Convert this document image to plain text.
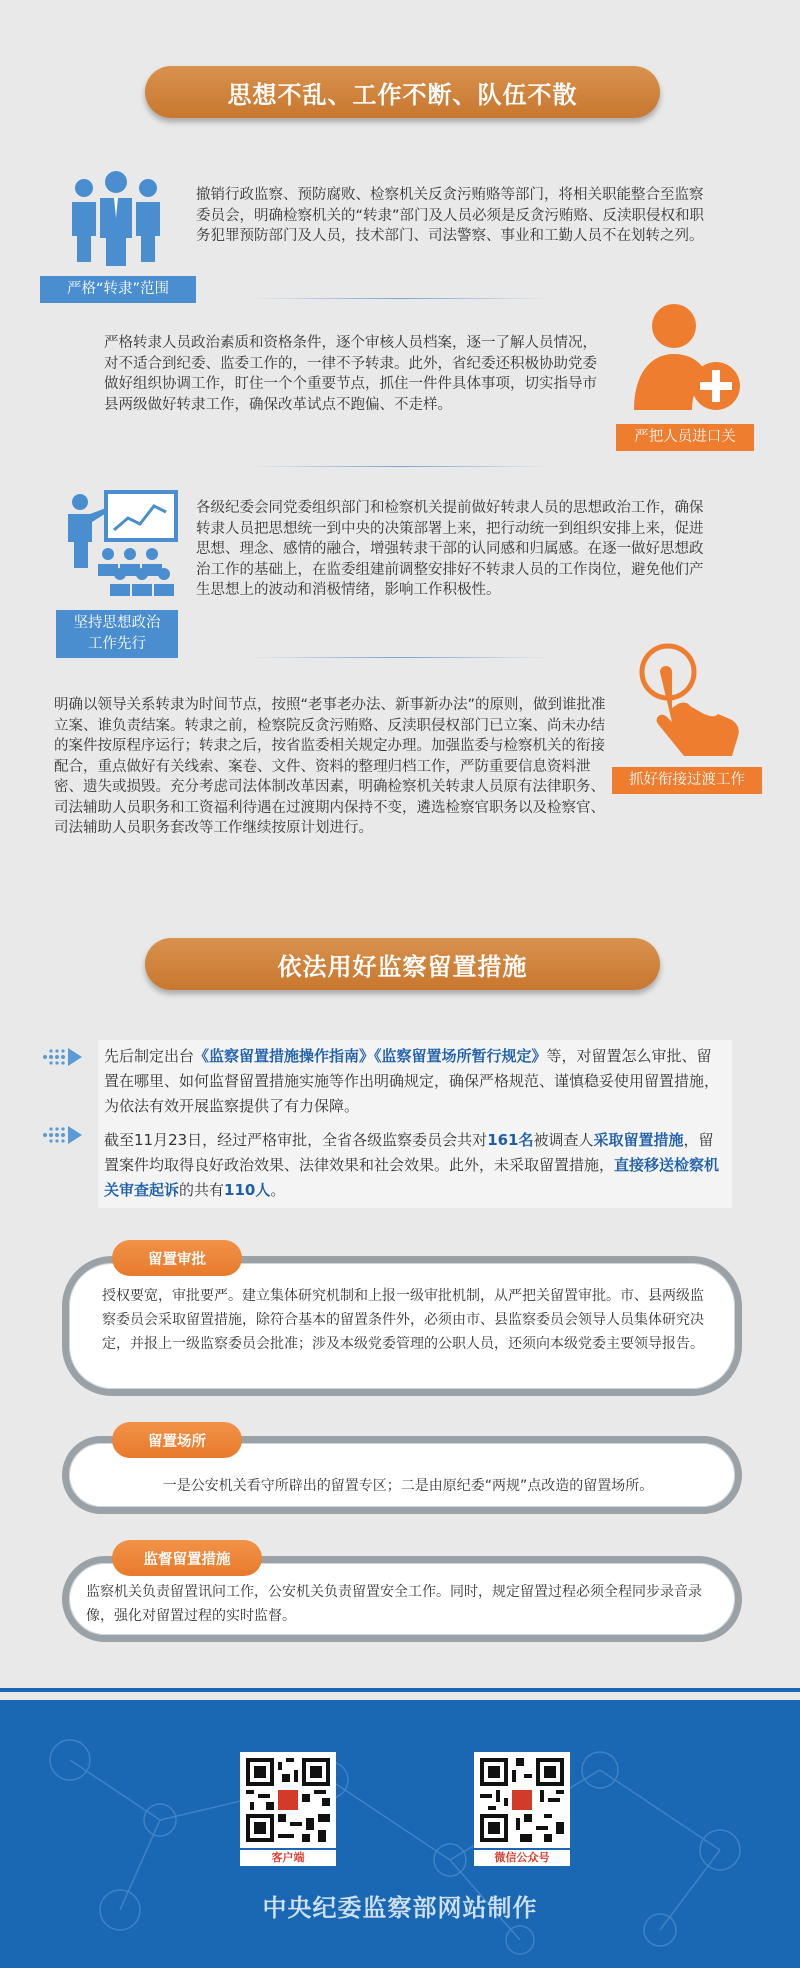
思想不乱、工作不断、队伍不散
严格“转隶”范围
撤销行政监察、预防腐败、检察机关反贪污贿赂等部门，将相关职能整合至监察委员会，明确检察机关的“转隶”部门及人员必须是反贪污贿赂、反渎职侵权和职务犯罪预防部门及人员，技术部门、司法警察、事业和工勤人员不在划转之列。
严格转隶人员政治素质和资格条件，逐个审核人员档案，逐一了解人员情况，对不适合到纪委、监委工作的，一律不予转隶。此外，省纪委还积极协助党委做好组织协调工作，盯住一个个重要节点，抓住一件件具体事项，切实指导市县两级做好转隶工作，确保改革试点不跑偏、不走样。
严把人员进口关
坚持思想政治
工作先行
各级纪委会同党委组织部门和检察机关提前做好转隶人员的思想政治工作，确保转隶人员把思想统一到中央的决策部署上来，把行动统一到组织安排上来，促进思想、理念、感情的融合，增强转隶干部的认同感和归属感。在逐一做好思想政治工作的基础上，在监委组建前调整安排好不转隶人员的工作岗位，避免他们产生思想上的波动和消极情绪，影响工作积极性。
抓好衔接过渡工作
明确以领导关系转隶为时间节点，按照“老事老办法、新事新办法”的原则，做到谁批准立案、谁负责结案。转隶之前，检察院反贪污贿赂、反渎职侵权部门已立案、尚未办结的案件按原程序运行；转隶之后，按省监委相关规定办理。加强监委与检察机关的衔接配合，重点做好有关线索、案卷、文件、资料的整理归档工作，严防重要信息资料泄密、遗失或损毁。充分考虑司法体制改革因素，明确检察机关转隶人员原有法律职务、司法辅助人员职务和工资福利待遇在过渡期内保持不变，遴选检察官职务以及检察官、司法辅助人员职务套改等工作继续按原计划进行。
依法用好监察留置措施
先后制定出台《监察留置措施操作指南》《监察留置场所暂行规定》等，对留置怎么审批、留置在哪里、如何监督留置措施实施等作出明确规定，确保严格规范、谨慎稳妥使用留置措施，为依法有效开展监察提供了有力保障。
截至11月23日，经过严格审批，全省各级监察委员会共对161名被调查人采取留置措施，留置案件均取得良好政治效果、法律效果和社会效果。此外，未采取留置措施，直接移送检察机关审查起诉的共有110人。
留置审批
授权要宽，审批要严。建立集体研究机制和上报一级审批机制，从严把关留置审批。市、县两级监察委员会采取留置措施，除符合基本的留置条件外，必须由市、县监察委员会领导人员集体研究决定，并报上一级监察委员会批准；涉及本级党委管理的公职人员，还须向本级党委主要领导报告。
留置场所
一是公安机关看守所辟出的留置专区；二是由原纪委“两规”点改造的留置场所。
监督留置措施
监察机关负责留置讯问工作，公安机关负责留置安全工作。同时，规定留置过程必须全程同步录音录像，强化对留置过程的实时监督。
客户端	微信公众号
中央纪委监察部网站制作
